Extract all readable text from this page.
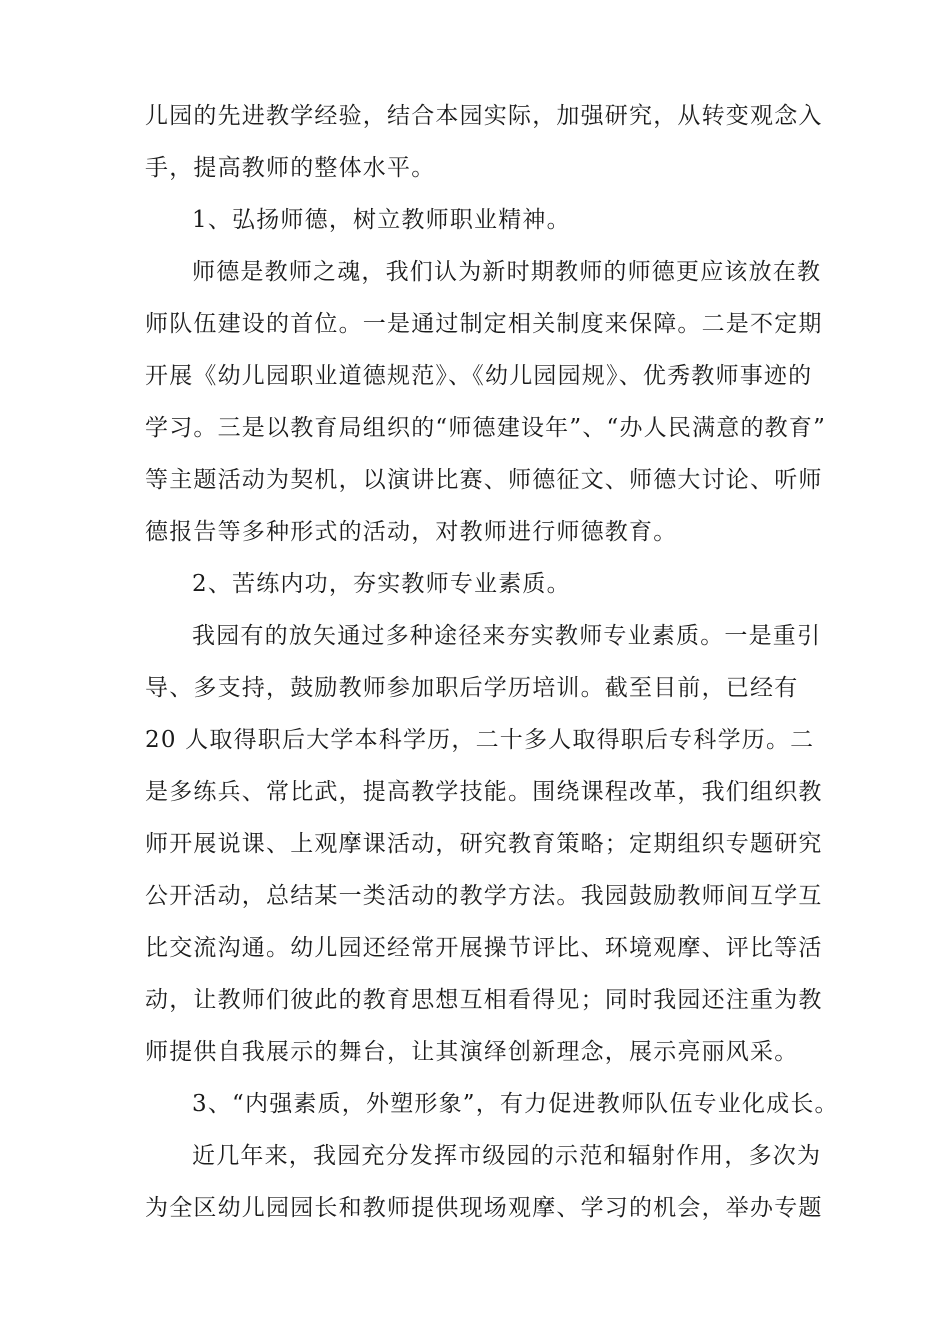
儿园的先进教学经验，结合本园实际，加强研究，从转变观念入
手，提高教师的整体水平。
1、弘扬师德，树立教师职业精神。
师德是教师之魂，我们认为新时期教师的师德更应该放在教
师队伍建设的首位。一是通过制定相关制度来保障。二是不定期
开展《幼儿园职业道德规范》、《幼儿园园规》、优秀教师事迹的
学习。三是以教育局组织的“师德建设年”、“办人民满意的教育”
等主题活动为契机，以演讲比赛、师德征文、师德大讨论、听师
德报告等多种形式的活动，对教师进行师德教育。
2、苦练内功，夯实教师专业素质。
我园有的放矢通过多种途径来夯实教师专业素质。一是重引
导、多支持，鼓励教师参加职后学历培训。截至目前，已经有
20 人取得职后大学本科学历，二十多人取得职后专科学历。二
是多练兵、常比武，提高教学技能。围绕课程改革，我们组织教
师开展说课、上观摩课活动，研究教育策略；定期组织专题研究
公开活动，总结某一类活动的教学方法。我园鼓励教师间互学互
比交流沟通。幼儿园还经常开展操节评比、环境观摩、评比等活
动，让教师们彼此的教育思想互相看得见；同时我园还注重为教
师提供自我展示的舞台，让其演绎创新理念，展示亮丽风采。
3、“内强素质，外塑形象”，有力促进教师队伍专业化成长。
近几年来，我园充分发挥市级园的示范和辐射作用，多次为
为全区幼儿园园长和教师提供现场观摩、学习的机会，举办专题
